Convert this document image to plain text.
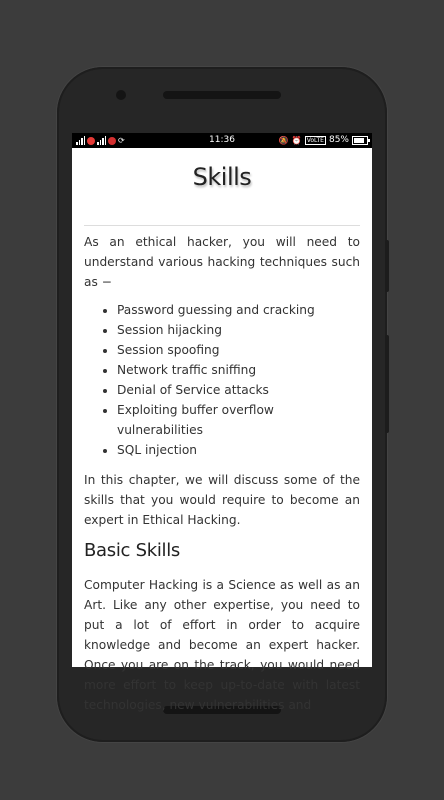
⟳	11:36	🔕 ⏰ VoLTE 85%
Skills

As an ethical hacker, you will need to understand various hacking techniques such as −

• Password guessing and cracking
• Session hijacking
• Session spoofing
• Network traffic sniffing
• Denial of Service attacks
• Exploiting buffer overflow vulnerabilities
• SQL injection

In this chapter, we will discuss some of the skills that you would require to become an expert in Ethical Hacking.

Basic Skills

Computer Hacking is a Science as well as an Art. Like any other expertise, you need to put a lot of effort in order to acquire knowledge and become an expert hacker. Once you are on the track, you would need more effort to keep up-to-date with latest technologies, new vulnerabilities and
